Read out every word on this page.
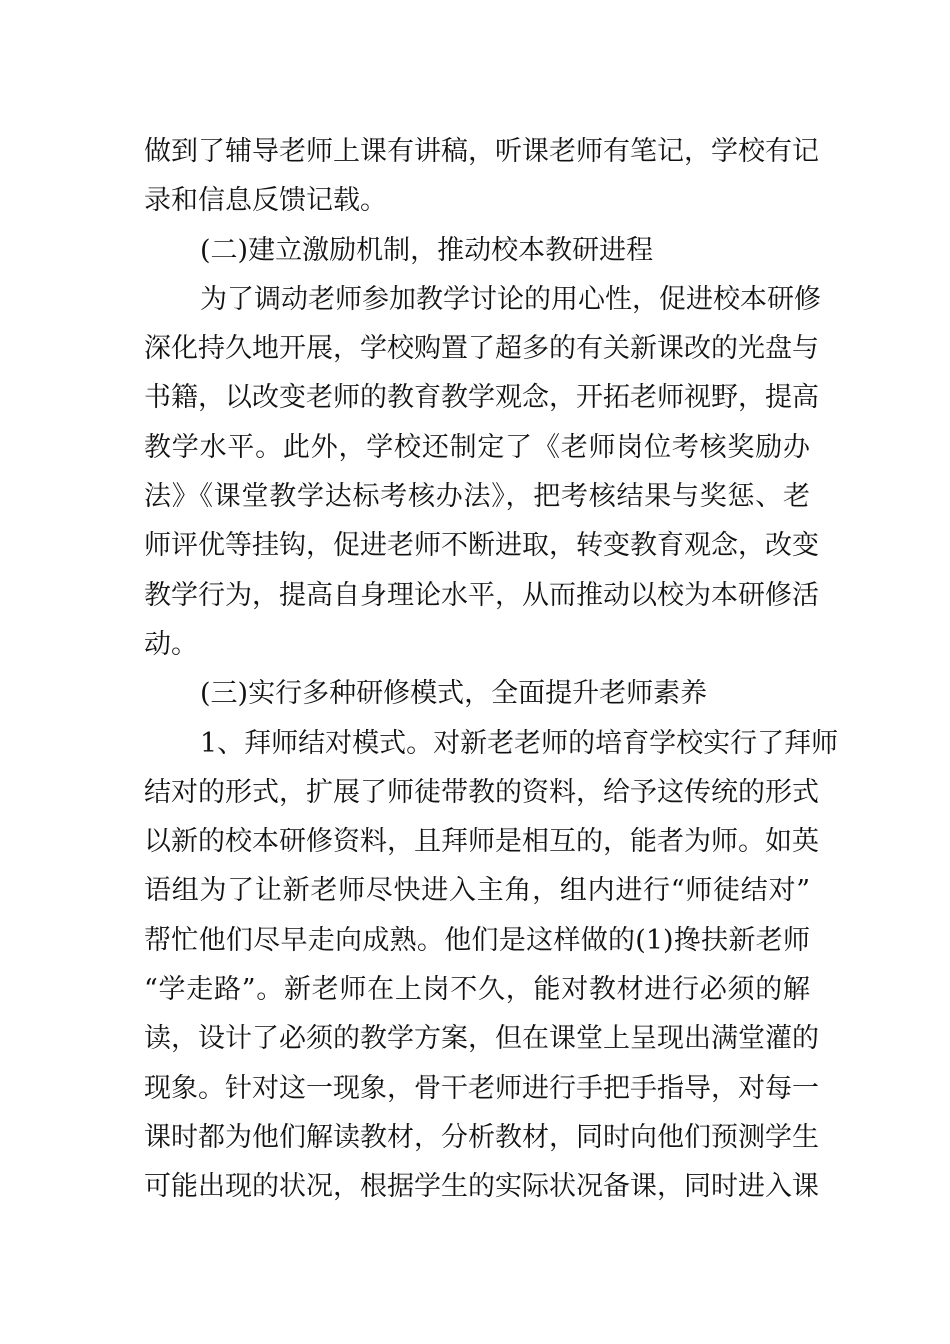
做到了辅导老师上课有讲稿，听课老师有笔记，学校有记
录和信息反馈记载。
(二)建立激励机制，推动校本教研进程
为了调动老师参加教学讨论的用心性，促进校本研修
深化持久地开展，学校购置了超多的有关新课改的光盘与
书籍，以改变老师的教育教学观念，开拓老师视野，提高
教学水平。此外，学校还制定了《老师岗位考核奖励办
法》《课堂教学达标考核办法》，把考核结果与奖惩、老
师评优等挂钩，促进老师不断进取，转变教育观念，改变
教学行为，提高自身理论水平，从而推动以校为本研修活
动。
(三)实行多种研修模式，全面提升老师素养
1、拜师结对模式。对新老老师的培育学校实行了拜师
结对的形式，扩展了师徒带教的资料，给予这传统的形式
以新的校本研修资料，且拜师是相互的，能者为师。如英
语组为了让新老师尽快进入主角，组内进行“师徒结对”
帮忙他们尽早走向成熟。他们是这样做的(1)搀扶新老师
“学走路”。新老师在上岗不久，能对教材进行必须的解
读，设计了必须的教学方案，但在课堂上呈现出满堂灌的
现象。针对这一现象，骨干老师进行手把手指导，对每一
课时都为他们解读教材，分析教材，同时向他们预测学生
可能出现的状况，根据学生的实际状况备课，同时进入课
